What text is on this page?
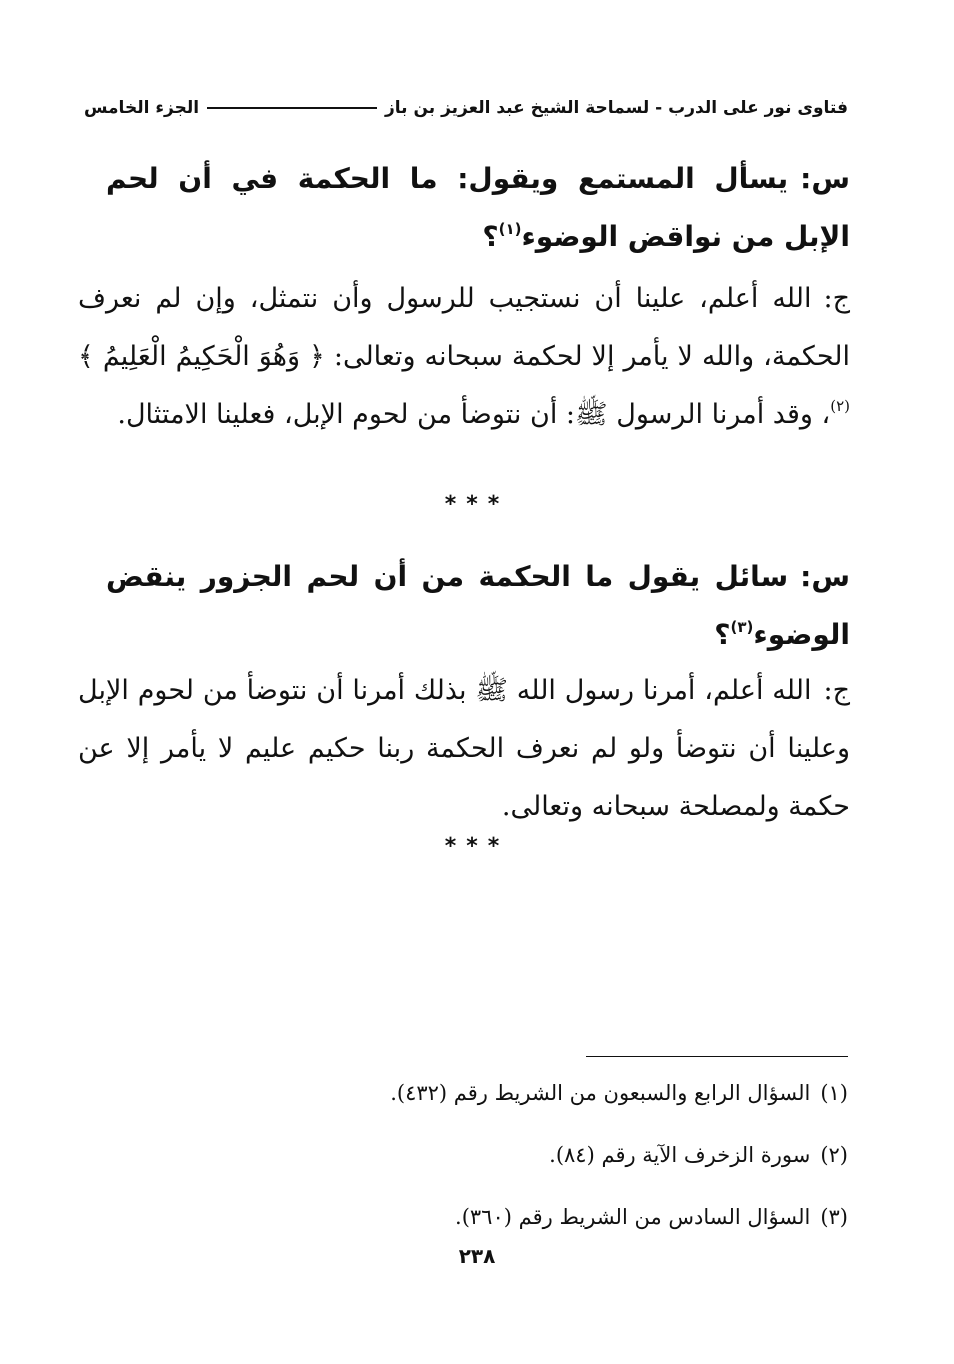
فتاوى نور على الدرب - لسماحة الشيخ عبد العزيز بن باز
الجزء الخامس
س:يسأل المستمع ويقول: ما الحكمة في أن لحم الإبل من نواقض الوضوء$^{(١)}$؟
ج:الله أعلم، علينا أن نستجيب للرسول وأن نتمثل، وإن لم نعرف الحكمة، والله لا يأمر إلا لحكمة سبحانه وتعالى: ﴿ وَهُوَ الْحَكِيمُ الْعَلِيمُ ﴾$^{(٢)}$، وقد أمرنا الرسول ﷺ: أن نتوضأ من لحوم الإبل، فعلينا الامتثال.
***
س:سائل يقول ما الحكمة من أن لحم الجزور ينقض الوضوء$^{(٣)}$؟
ج:الله أعلم، أمرنا رسول الله ﷺ بذلك أمرنا أن نتوضأ من لحوم الإبل وعلينا أن نتوضأ ولو لم نعرف الحكمة ربنا حكيم عليم لا يأمر إلا عن حكمة ولمصلحة سبحانه وتعالى.
***
(١)السؤال الرابع والسبعون من الشريط رقم (٤٣٢).
(٢)سورة الزخرف الآية رقم (٨٤).
(٣)السؤال السادس من الشريط رقم (٣٦٠).
٢٣٨
